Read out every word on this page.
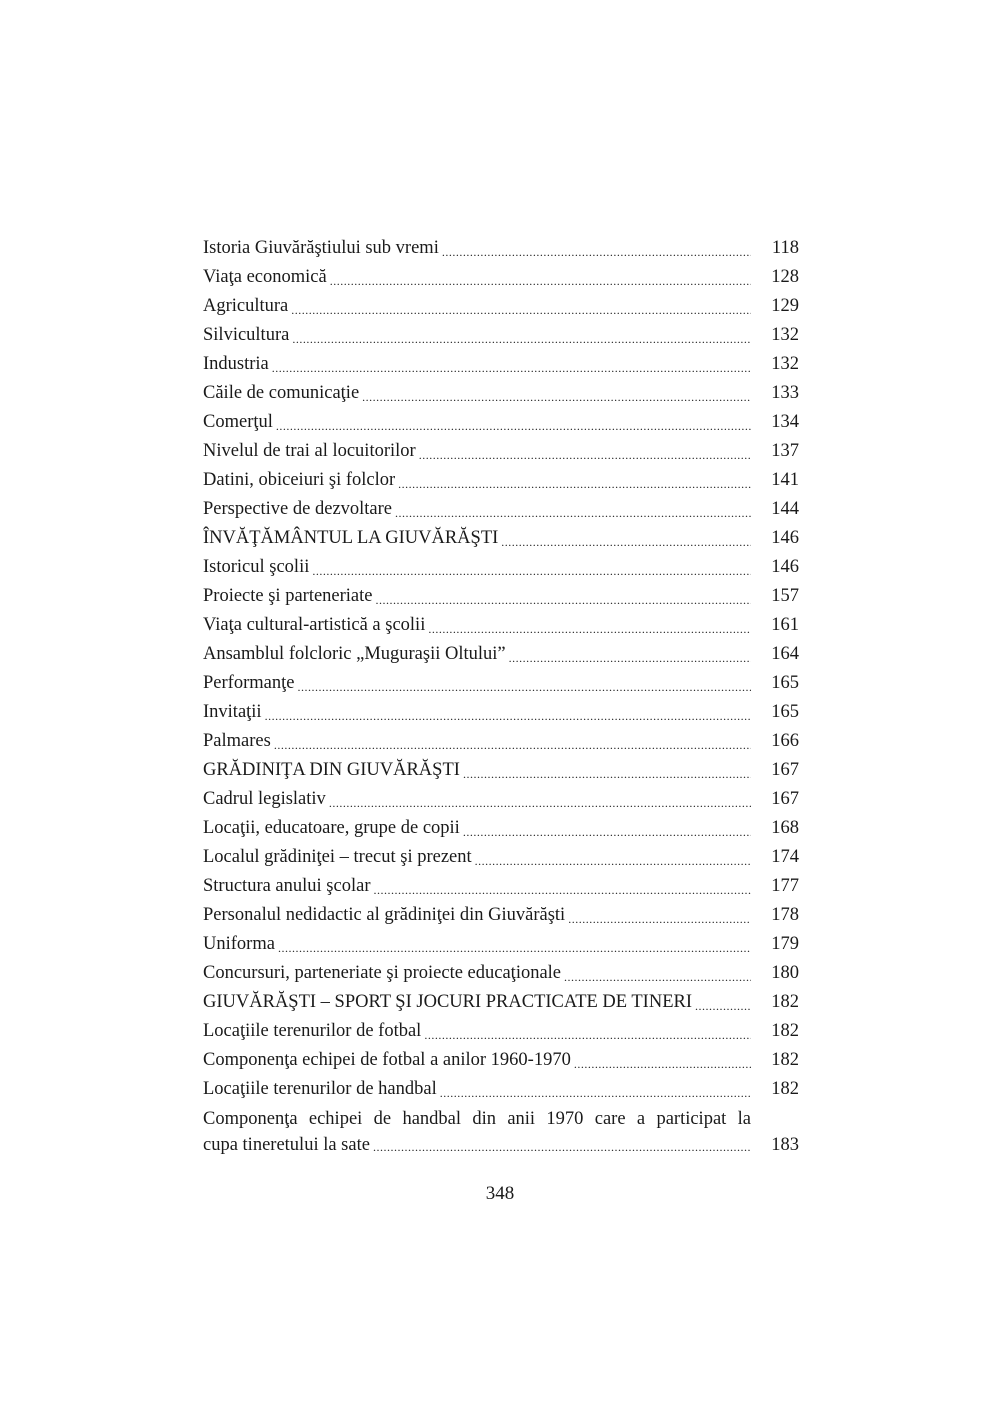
Istoria Giuvărăştiului sub vremi .....	118
Viaţa economică .....	128
Agricultura .....	129
Silvicultura .....	132
Industria .....	132
Căile de comunicaţie .....	133
Comerţul .....	134
Nivelul de trai al locuitorilor .....	137
Datini, obiceiuri şi folclor .....	141
Perspective de dezvoltare .....	144
ÎNVĂŢĂMÂNTUL LA GIUVĂRĂŞTI .....	146
Istoricul şcolii .....	146
Proiecte şi parteneriate .....	157
Viaţa cultural-artistică a şcolii .....	161
Ansamblul folcloric „Muguraşii Oltului” .....	164
Performanţe .....	165
Invitaţii .....	165
Palmares .....	166
GRĂDINIŢA DIN GIUVĂRĂŞTI .....	167
Cadrul legislativ .....	167
Locaţii, educatoare, grupe de copii .....	168
Localul grădiniţei – trecut şi prezent .....	174
Structura anului şcolar .....	177
Personalul nedidactic al grădiniţei din Giuvărăşti .....	178
Uniforma .....	179
Concursuri, parteneriate şi proiecte educaţionale .....	180
GIUVĂRĂŞTI – SPORT ŞI JOCURI PRACTICATE DE TINERI .....	182
Locaţiile terenurilor de fotbal .....	182
Componenţa echipei de fotbal a anilor 1960-1970 .....	182
Locaţiile terenurilor de handbal .....	182
Componenţa echipei de handbal din anii 1970 care a participat la
cupa tineretului la sate .....	183
348
